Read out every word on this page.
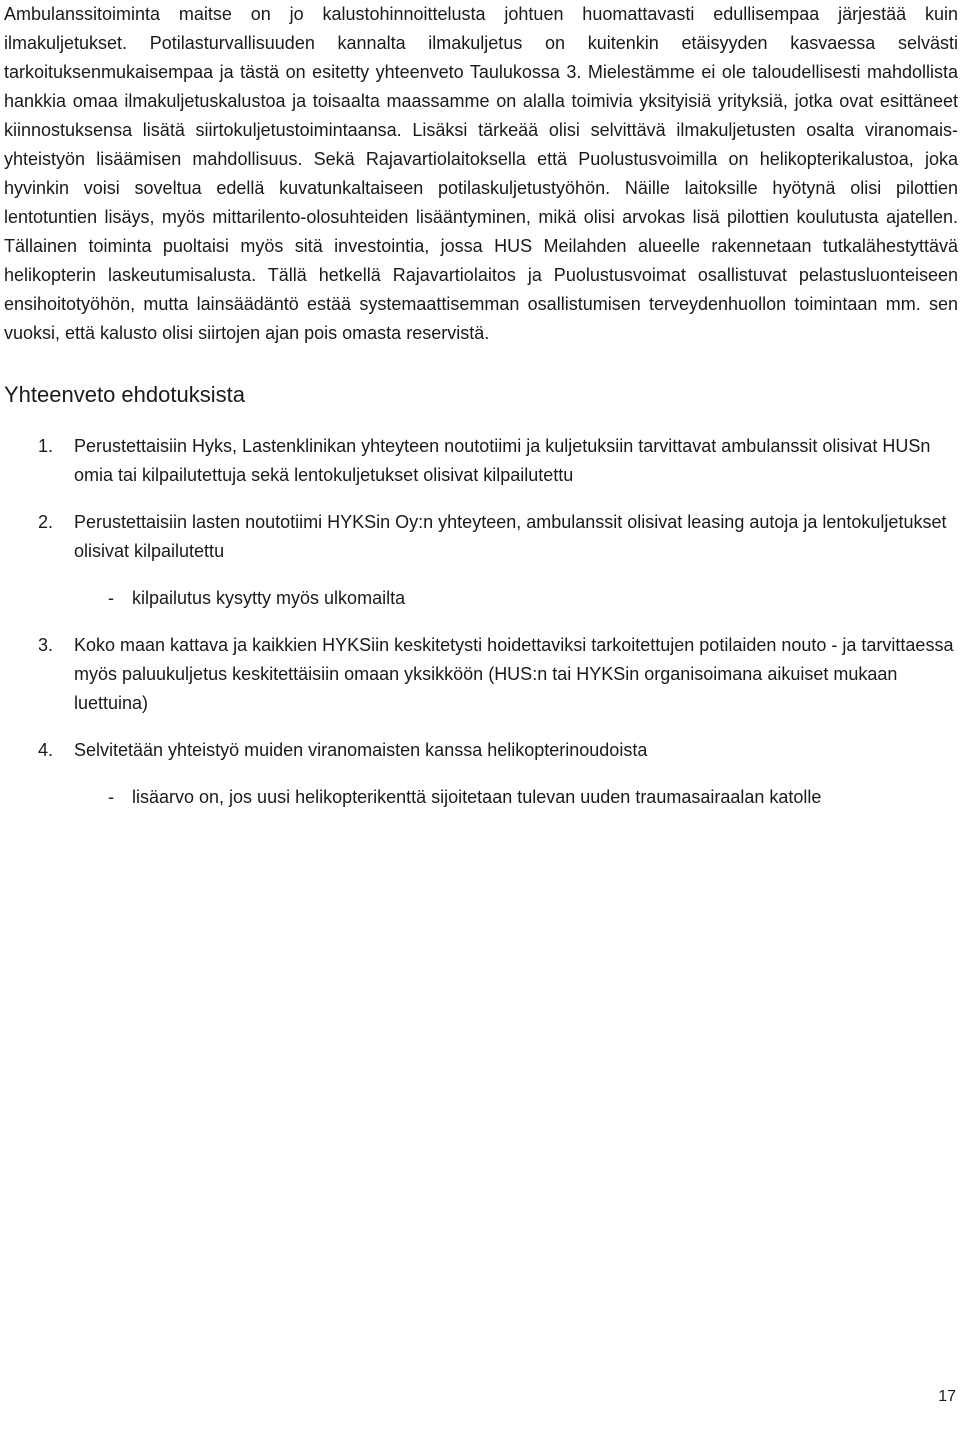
Ambulanssitoiminta maitse on jo kalustohinnoittelusta johtuen huomattavasti edullisempaa järjestää kuin ilmakuljetukset. Potilasturvallisuuden kannalta ilmakuljetus on kuitenkin etäisyyden kasvaessa selvästi tarkoituksenmukaisempaa ja tästä on esitetty yhteenveto Taulukossa 3. Mielestämme ei ole taloudellisesti mahdollista hankkia omaa ilmakuljetuskalustoa ja toisaalta maassamme on alalla toimivia yksityisiä yrityksiä, jotka ovat esittäneet kiinnostuksensa lisätä siirtokuljetustoimintaansa. Lisäksi tärkeää olisi selvittävä ilmakuljetusten osalta viranomais-yhteistyön lisäämisen mahdollisuus. Sekä Rajavartiolaitoksella että Puolustusvoimilla on helikopterikalustoa, joka hyvinkin voisi soveltua edellä kuvatunkaltaiseen potilaskuljetustyöhön. Näille laitoksille hyötynä olisi pilottien lentotuntien lisäys, myös mittarilento-olosuhteiden lisääntyminen, mikä olisi arvokas lisä pilottien koulutusta ajatellen. Tällainen toiminta puoltaisi myös sitä investointia, jossa HUS Meilahden alueelle rakennetaan tutkalähestyttävä helikopterin laskeutumisalusta. Tällä hetkellä Rajavartiolaitos ja Puolustusvoimat osallistuvat pelastusluonteiseen ensihoitotyöhön, mutta lainsäädäntö estää systemaattisemman osallistumisen terveydenhuollon toimintaan mm. sen vuoksi, että kalusto olisi siirtojen ajan pois omasta reservistä.

Yhteenveto ehdotuksista
1. Perustettaisiin Hyks, Lastenklinikan yhteyteen noutotiimi ja kuljetuksiin tarvittavat ambulanssit olisivat HUSn omia tai kilpailutettuja sekä lentokuljetukset olisivat kilpailutettu
2. Perustettaisiin lasten noutotiimi HYKSin Oy:n yhteyteen, ambulanssit olisivat leasing autoja ja lentokuljetukset olisivat kilpailutettu
- kilpailutus kysytty myös ulkomailta
3. Koko maan kattava ja kaikkien HYKSiin keskitetysti hoidettaviksi tarkoitettujen potilaiden nouto - ja tarvittaessa myös paluukuljetus keskitettäisiin omaan yksikköön (HUS:n tai HYKSin organisoimana aikuiset mukaan luettuina)
4. Selvitetään yhteistyö muiden viranomaisten kanssa helikopterinoudoista
- lisäarvo on, jos uusi helikopterikenttä sijoitetaan tulevan uuden traumasairaalan katolle
17
